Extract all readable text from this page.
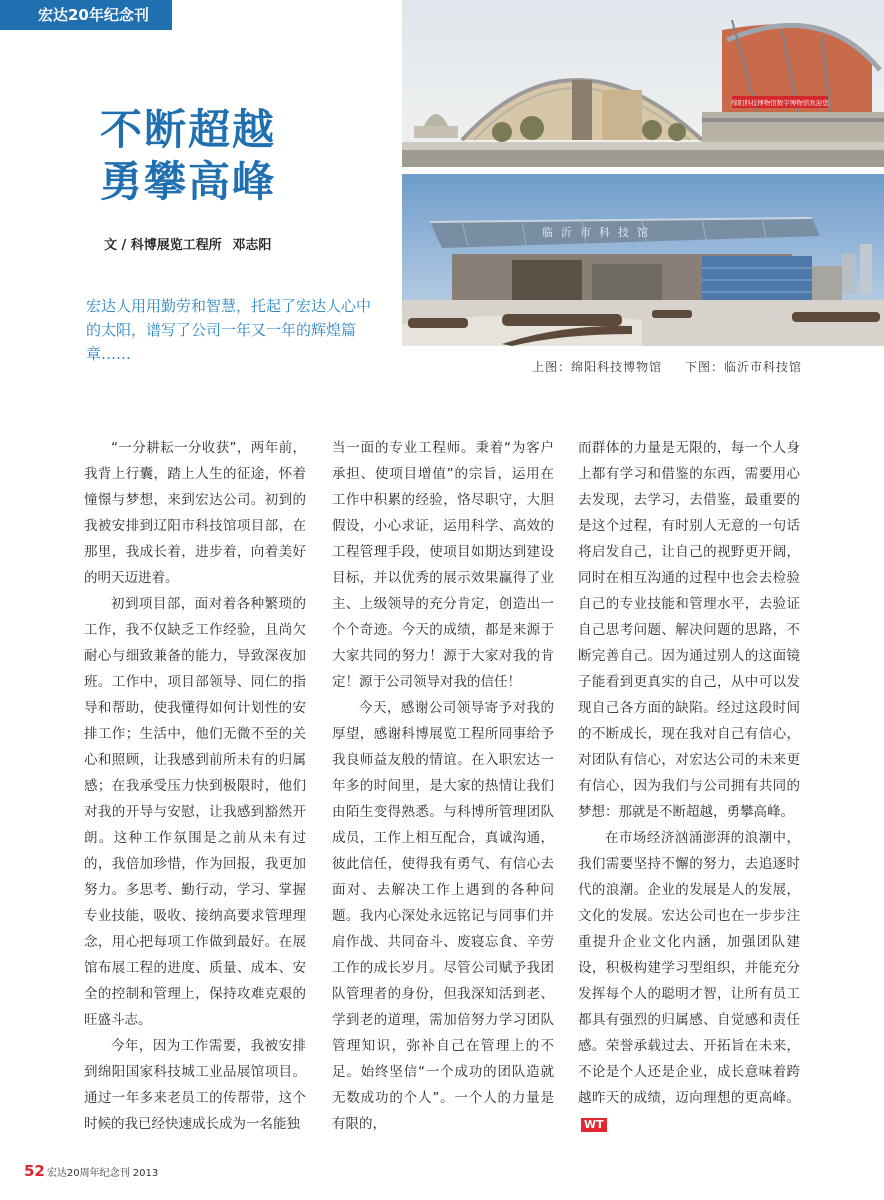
宏达20年纪念刊
不断超越
勇攀高峰
文 / 科博展览工程所 邓志阳
宏达人用用勤劳和智慧，托起了宏达人心中的太阳，谱写了公司一年又一年的辉煌篇章……
绵阳科技博物馆数字博物馆欢迎您
临沂市科技馆
上图：绵阳科技博物馆 下图：临沂市科技馆

“一分耕耘一分收获”，两年前，我背上行囊，踏上人生的征途，怀着憧憬与梦想，来到宏达公司。初到的我被安排到辽阳市科技馆项目部，在那里，我成长着，进步着，向着美好的明天迈进着。

初到项目部，面对着各种繁琐的工作，我不仅缺乏工作经验，且尚欠耐心与细致兼备的能力，导致深夜加班。工作中，项目部领导、同仁的指导和帮助，使我懂得如何计划性的安排工作；生活中，他们无微不至的关心和照顾，让我感到前所未有的归属感；在我承受压力快到极限时，他们对我的开导与安慰，让我感到豁然开朗。这种工作氛围是之前从未有过的，我倍加珍惜，作为回报，我更加努力。多思考、勤行动，学习、掌握专业技能，吸收、接纳高要求管理理念，用心把每项工作做到最好。在展馆布展工程的进度、质量、成本、安全的控制和管理上，保持攻难克艰的旺盛斗志。

今年，因为工作需要，我被安排到绵阳国家科技城工业品展馆项目。通过一年多来老员工的传帮带，这个时候的我已经快速成长成为一名能独

当一面的专业工程师。秉着“为客户承担、使项目增值”的宗旨，运用在工作中积累的经验，恪尽职守，大胆假设，小心求证，运用科学、高效的工程管理手段，使项目如期达到建设目标，并以优秀的展示效果赢得了业主、上级领导的充分肯定，创造出一个个奇迹。今天的成绩，都是来源于大家共同的努力！源于大家对我的肯定！源于公司领导对我的信任！

今天，感谢公司领导寄予对我的厚望，感谢科博展览工程所同事给予我良师益友般的情谊。在入职宏达一年多的时间里，是大家的热情让我们由陌生变得熟悉。与科博所管理团队成员，工作上相互配合，真诚沟通，彼此信任，使得我有勇气、有信心去面对、去解决工作上遇到的各种问题。我内心深处永远铭记与同事们并肩作战、共同奋斗、废寝忘食、辛劳工作的成长岁月。尽管公司赋予我团队管理者的身份，但我深知活到老、学到老的道理，需加倍努力学习团队管理知识，弥补自己在管理上的不足。始终坚信“一个成功的团队造就无数成功的个人”。一个人的力量是有限的，

而群体的力量是无限的，每一个人身上都有学习和借鉴的东西，需要用心去发现，去学习，去借鉴，最重要的是这个过程，有时别人无意的一句话将启发自己，让自己的视野更开阔，同时在相互沟通的过程中也会去检验自己的专业技能和管理水平，去验证自己思考问题、解决问题的思路，不断完善自己。因为通过别人的这面镜子能看到更真实的自己，从中可以发现自己各方面的缺陷。经过这段时间的不断成长，现在我对自己有信心，对团队有信心，对宏达公司的未来更有信心，因为我们与公司拥有共同的梦想：那就是不断超越，勇攀高峰。

在市场经济汹涌澎湃的浪潮中，我们需要坚持不懈的努力，去追逐时代的浪潮。企业的发展是人的发展，文化的发展。宏达公司也在一步步注重提升企业文化内涵，加强团队建设，积极构建学习型组织，并能充分发挥每个人的聪明才智，让所有员工都具有强烈的归属感、自觉感和责任感。荣誉承载过去、开拓旨在未来，不论是个人还是企业，成长意味着跨越昨天的成绩，迈向理想的更高峰。WT

52 宏达20周年纪念刊 2013
